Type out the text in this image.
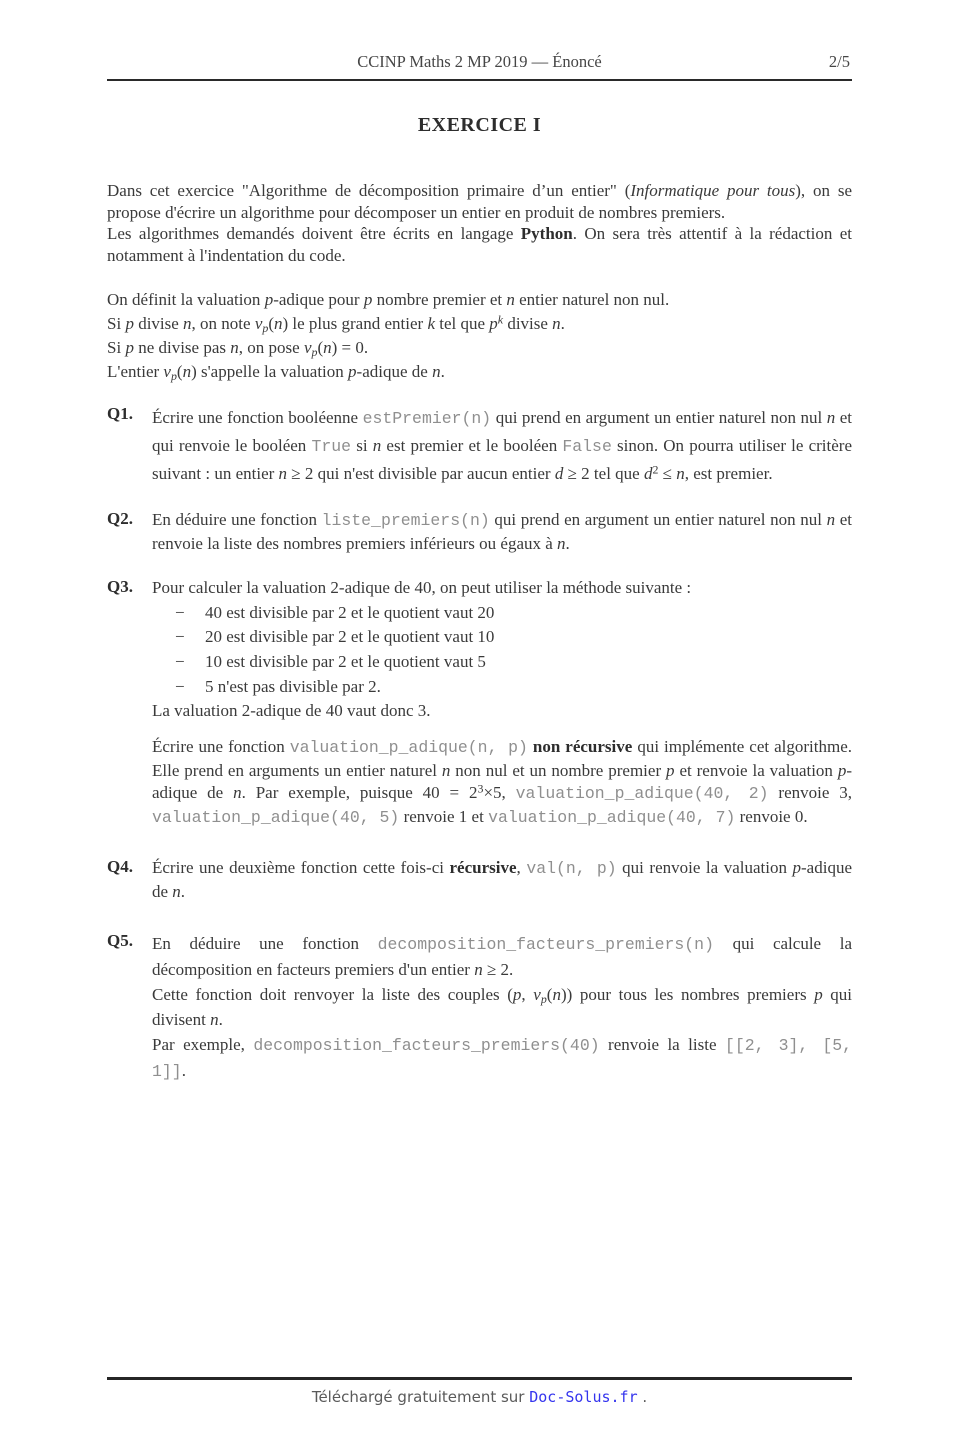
CCINP Maths 2 MP 2019 — Énoncé	2/5
EXERCICE I

Dans cet exercice "Algorithme de décomposition primaire d’un entier" (Informatique pour tous), on se propose d'écrire un algorithme pour décomposer un entier en produit de nombres premiers.

Les algorithmes demandés doivent être écrits en langage Python. On sera très attentif à la rédaction et notamment à l'indentation du code.

On définit la valuation p-adique pour p nombre premier et n entier naturel non nul.
Si p divise n, on note vp(n) le plus grand entier k tel que $p^k$ divise n.
Si p ne divise pas n, on pose vp(n) = 0.
L'entier vp(n) s'appelle la valuation p-adique de n.
Q1. Écrire une fonction booléenne estPremier(n) qui prend en argument un entier naturel non nul n et qui renvoie le booléen True si n est premier et le booléen False sinon. On pourra utiliser le critère suivant : un entier n ≥ 2 qui n'est divisible par aucun entier d ≥ 2 tel que $d^2 \le n$, est premier.
Q2. En déduire une fonction liste_premiers(n) qui prend en argument un entier naturel non nul n et renvoie la liste des nombres premiers inférieurs ou égaux à n.
Q3. Pour calculer la valuation 2-adique de 40, on peut utiliser la méthode suivante :
− 40 est divisible par 2 et le quotient vaut 20
− 20 est divisible par 2 et le quotient vaut 10
− 10 est divisible par 2 et le quotient vaut 5
− 5 n'est pas divisible par 2.
La valuation 2-adique de 40 vaut donc 3.
Écrire une fonction valuation_p_adique(n, p) non récursive qui implémente cet algorithme. Elle prend en arguments un entier naturel n non nul et un nombre premier p et renvoie la valuation p-adique de n. Par exemple, puisque $40 = 2^3\times 5$, valuation_p_adique(40, 2) renvoie 3, valuation_p_adique(40, 5) renvoie 1 et valuation_p_adique(40, 7) renvoie 0.
Q4. Écrire une deuxième fonction cette fois-ci récursive, val(n, p) qui renvoie la valuation p-adique de n.
Q5. En déduire une fonction decomposition_facteurs_premiers(n) qui calcule la décomposition en facteurs premiers d'un entier n ≥ 2.
Cette fonction doit renvoyer la liste des couples (p, vp(n)) pour tous les nombres premiers p qui divisent n.
Par exemple, decomposition_facteurs_premiers(40) renvoie la liste [[2, 3], [5, 1]].
Téléchargé gratuitement sur Doc-Solus.fr .
